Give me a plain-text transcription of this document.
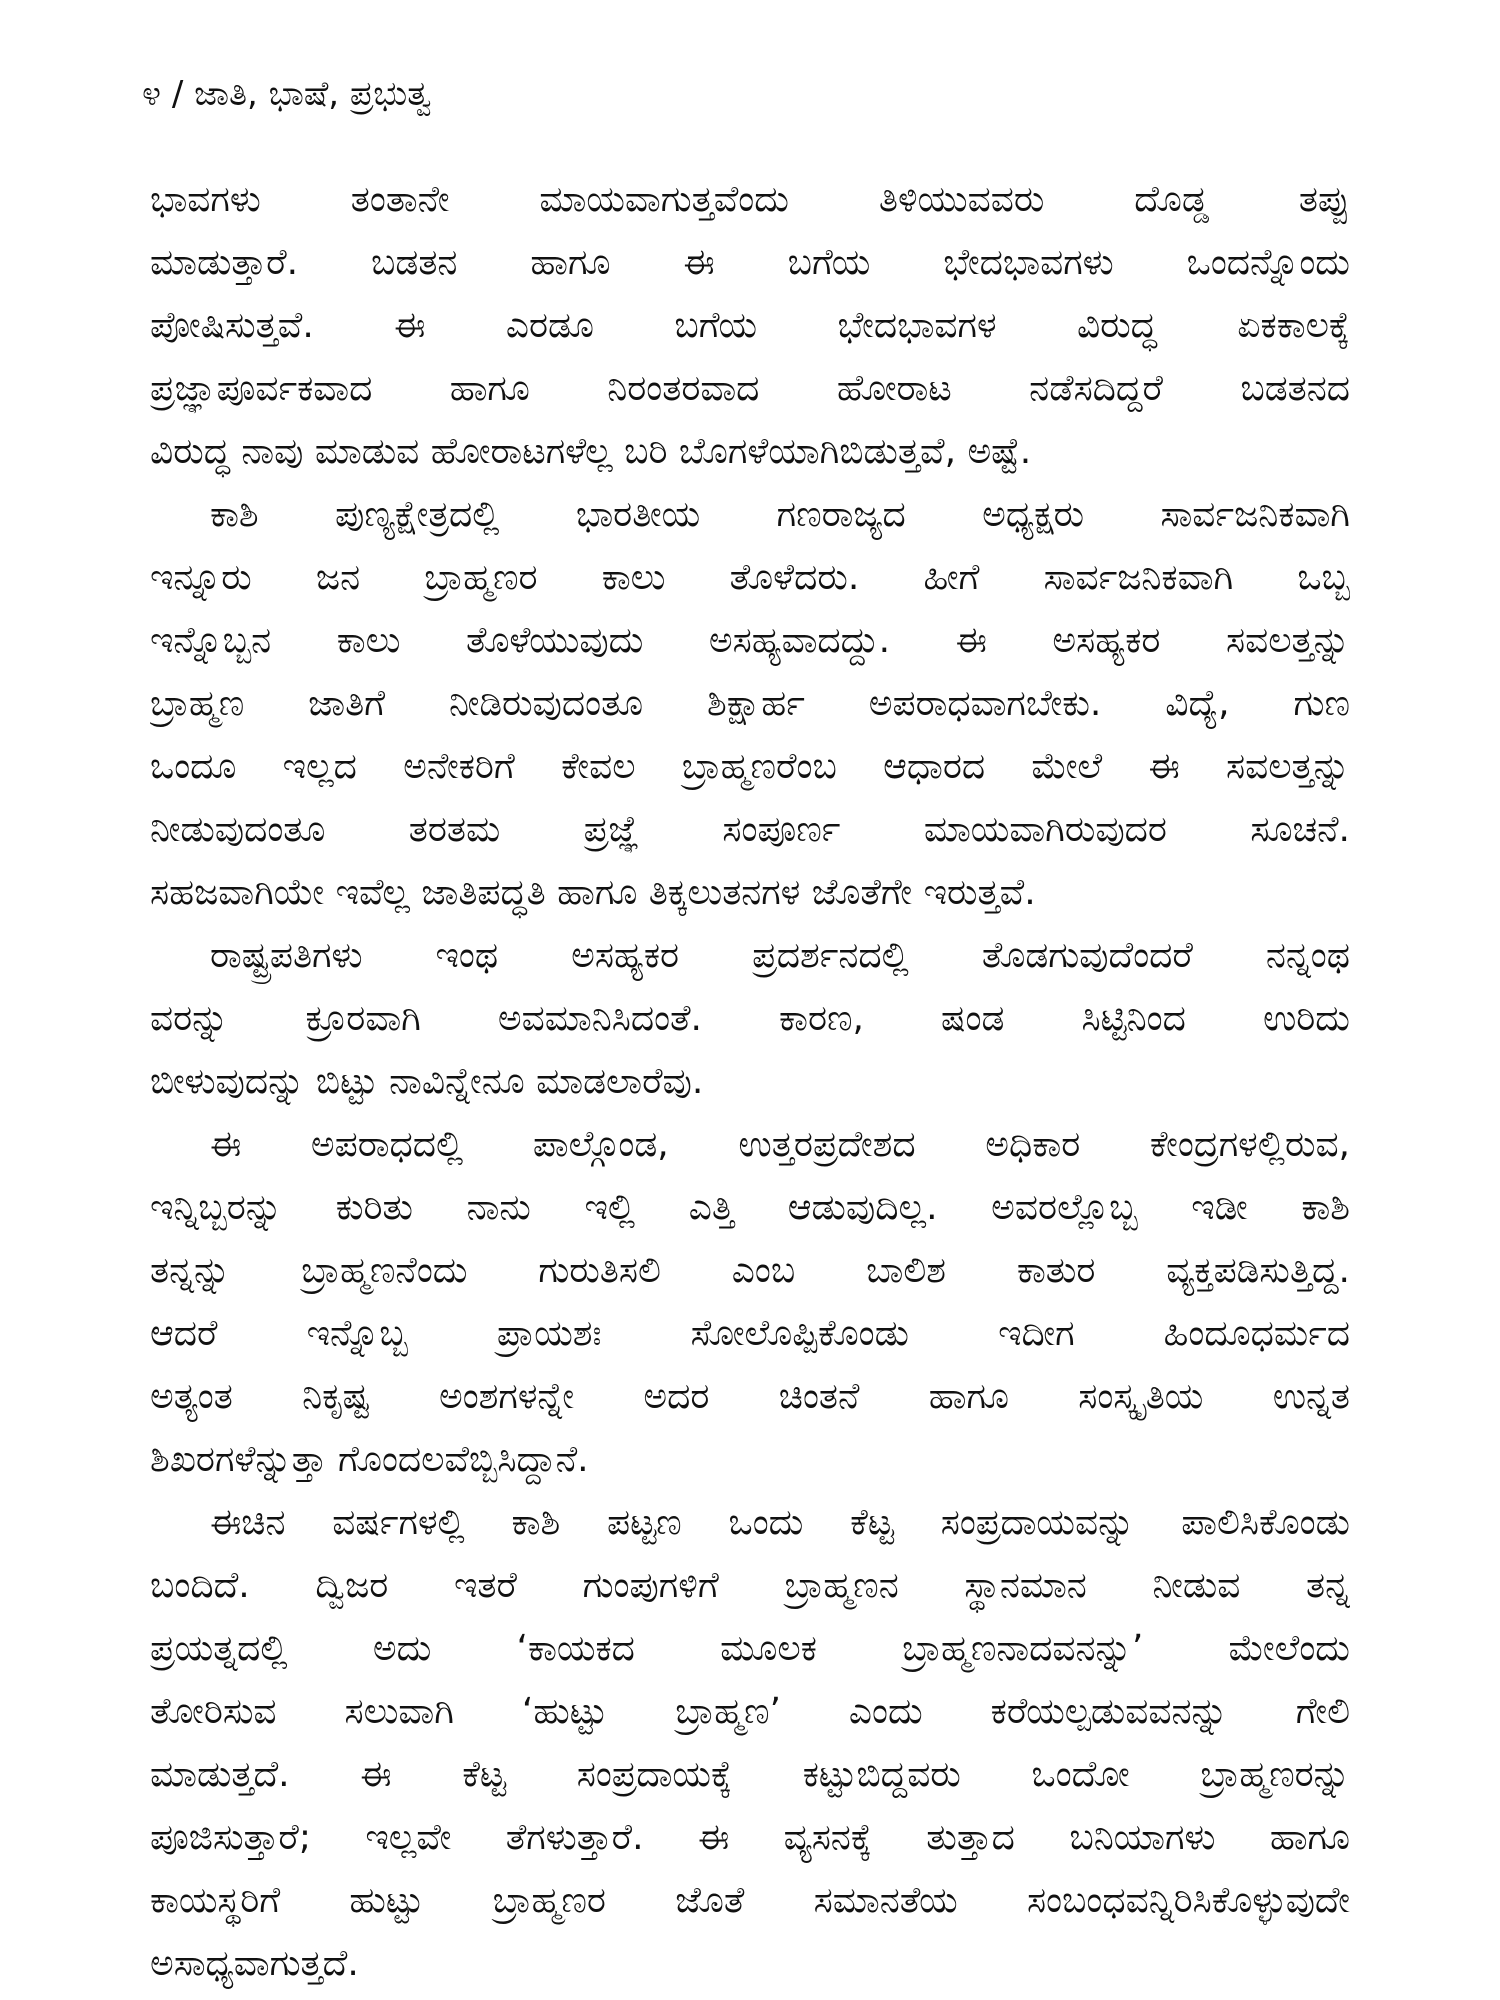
೪ / ಜಾತಿ, ಭಾಷೆ, ಪ್ರಭುತ್ವ
ಭಾವಗಳು ತಂತಾನೇ ಮಾಯವಾಗುತ್ತವೆಂದು ತಿಳಿಯುವವರು ದೊಡ್ಡ ತಪ್ಪು
ಮಾಡುತ್ತಾರೆ. ಬಡತನ ಹಾಗೂ ಈ ಬಗೆಯ ಭೇದಭಾವಗಳು ಒಂದನ್ನೊಂದು
ಪೋಷಿಸುತ್ತವೆ. ಈ ಎರಡೂ ಬಗೆಯ ಭೇದಭಾವಗಳ ವಿರುದ್ಧ ಏಕಕಾಲಕ್ಕೆ
ಪ್ರಜ್ಞಾಪೂರ್ವಕವಾದ ಹಾಗೂ ನಿರಂತರವಾದ ಹೋರಾಟ ನಡೆಸದಿದ್ದರೆ ಬಡತನದ
ವಿರುದ್ಧ ನಾವು ಮಾಡುವ ಹೋರಾಟಗಳೆಲ್ಲ ಬರಿ ಬೊಗಳೆಯಾಗಿಬಿಡುತ್ತವೆ, ಅಷ್ಟೆ.
ಕಾಶಿ ಪುಣ್ಯಕ್ಷೇತ್ರದಲ್ಲಿ ಭಾರತೀಯ ಗಣರಾಜ್ಯದ ಅಧ್ಯಕ್ಷರು ಸಾರ್ವಜನಿಕವಾಗಿ
ಇನ್ನೂರು ಜನ ಬ್ರಾಹ್ಮಣರ ಕಾಲು ತೊಳೆದರು. ಹೀಗೆ ಸಾರ್ವಜನಿಕವಾಗಿ ಒಬ್ಬ
ಇನ್ನೊಬ್ಬನ ಕಾಲು ತೊಳೆಯುವುದು ಅಸಹ್ಯವಾದದ್ದು. ಈ ಅಸಹ್ಯಕರ ಸವಲತ್ತನ್ನು
ಬ್ರಾಹ್ಮಣ ಜಾತಿಗೆ ನೀಡಿರುವುದಂತೂ ಶಿಕ್ಷಾರ್ಹ ಅಪರಾಧವಾಗಬೇಕು. ವಿದ್ಯೆ, ಗುಣ
ಒಂದೂ ಇಲ್ಲದ ಅನೇಕರಿಗೆ ಕೇವಲ ಬ್ರಾಹ್ಮಣರೆಂಬ ಆಧಾರದ ಮೇಲೆ ಈ ಸವಲತ್ತನ್ನು
ನೀಡುವುದಂತೂ ತರತಮ ಪ್ರಜ್ಞೆ ಸಂಪೂರ್ಣ ಮಾಯವಾಗಿರುವುದರ ಸೂಚನೆ.
ಸಹಜವಾಗಿಯೇ ಇವೆಲ್ಲ ಜಾತಿಪದ್ಧತಿ ಹಾಗೂ ತಿಕ್ಕಲುತನಗಳ ಜೊತೆಗೇ ಇರುತ್ತವೆ.
ರಾಷ್ಟ್ರಪತಿಗಳು ಇಂಥ ಅಸಹ್ಯಕರ ಪ್ರದರ್ಶನದಲ್ಲಿ ತೊಡಗುವುದೆಂದರೆ ನನ್ನಂಥ
ವರನ್ನು ಕ್ರೂರವಾಗಿ ಅವಮಾನಿಸಿದಂತೆ. ಕಾರಣ, ಷಂಡ ಸಿಟ್ಟಿನಿಂದ ಉರಿದು
ಬೀಳುವುದನ್ನು ಬಿಟ್ಟು ನಾವಿನ್ನೇನೂ ಮಾಡಲಾರೆವು.
ಈ ಅಪರಾಧದಲ್ಲಿ ಪಾಲ್ಗೊಂಡ, ಉತ್ತರಪ್ರದೇಶದ ಅಧಿಕಾರ ಕೇಂದ್ರಗಳಲ್ಲಿರುವ,
ಇನ್ನಿಬ್ಬರನ್ನು ಕುರಿತು ನಾನು ಇಲ್ಲಿ ಎತ್ತಿ ಆಡುವುದಿಲ್ಲ. ಅವರಲ್ಲೊಬ್ಬ ಇಡೀ ಕಾಶಿ
ತನ್ನನ್ನು ಬ್ರಾಹ್ಮಣನೆಂದು ಗುರುತಿಸಲಿ ಎಂಬ ಬಾಲಿಶ ಕಾತುರ ವ್ಯಕ್ತಪಡಿಸುತ್ತಿದ್ದ.
ಆದರೆ ಇನ್ನೊಬ್ಬ ಪ್ರಾಯಶಃ ಸೋಲೊಪ್ಪಿಕೊಂಡು ಇದೀಗ ಹಿಂದೂಧರ್ಮದ
ಅತ್ಯಂತ ನಿಕೃಷ್ಟ ಅಂಶಗಳನ್ನೇ ಅದರ ಚಿಂತನೆ ಹಾಗೂ ಸಂಸ್ಕೃತಿಯ ಉನ್ನತ
ಶಿಖರಗಳೆನ್ನುತ್ತಾ ಗೊಂದಲವೆಬ್ಬಿಸಿದ್ದಾನೆ.
ಈಚಿನ ವರ್ಷಗಳಲ್ಲಿ ಕಾಶಿ ಪಟ್ಟಣ ಒಂದು ಕೆಟ್ಟ ಸಂಪ್ರದಾಯವನ್ನು ಪಾಲಿಸಿಕೊಂಡು
ಬಂದಿದೆ. ದ್ವಿಜರ ಇತರೆ ಗುಂಪುಗಳಿಗೆ ಬ್ರಾಹ್ಮಣನ ಸ್ಥಾನಮಾನ ನೀಡುವ ತನ್ನ
ಪ್ರಯತ್ನದಲ್ಲಿ ಅದು ‘ಕಾಯಕದ ಮೂಲಕ ಬ್ರಾಹ್ಮಣನಾದವನನ್ನು’ ಮೇಲೆಂದು
ತೋರಿಸುವ ಸಲುವಾಗಿ ‘ಹುಟ್ಟು ಬ್ರಾಹ್ಮಣ’ ಎಂದು ಕರೆಯಲ್ಪಡುವವನನ್ನು ಗೇಲಿ
ಮಾಡುತ್ತದೆ. ಈ ಕೆಟ್ಟ ಸಂಪ್ರದಾಯಕ್ಕೆ ಕಟ್ಟುಬಿದ್ದವರು ಒಂದೋ ಬ್ರಾಹ್ಮಣರನ್ನು
ಪೂಜಿಸುತ್ತಾರೆ; ಇಲ್ಲವೇ ತೆಗಳುತ್ತಾರೆ. ಈ ವ್ಯಸನಕ್ಕೆ ತುತ್ತಾದ ಬನಿಯಾಗಳು ಹಾಗೂ
ಕಾಯಸ್ಥರಿಗೆ ಹುಟ್ಟು ಬ್ರಾಹ್ಮಣರ ಜೊತೆ ಸಮಾನತೆಯ ಸಂಬಂಧವನ್ನಿರಿಸಿಕೊಳ್ಳುವುದೇ
ಅಸಾಧ್ಯವಾಗುತ್ತದೆ.
